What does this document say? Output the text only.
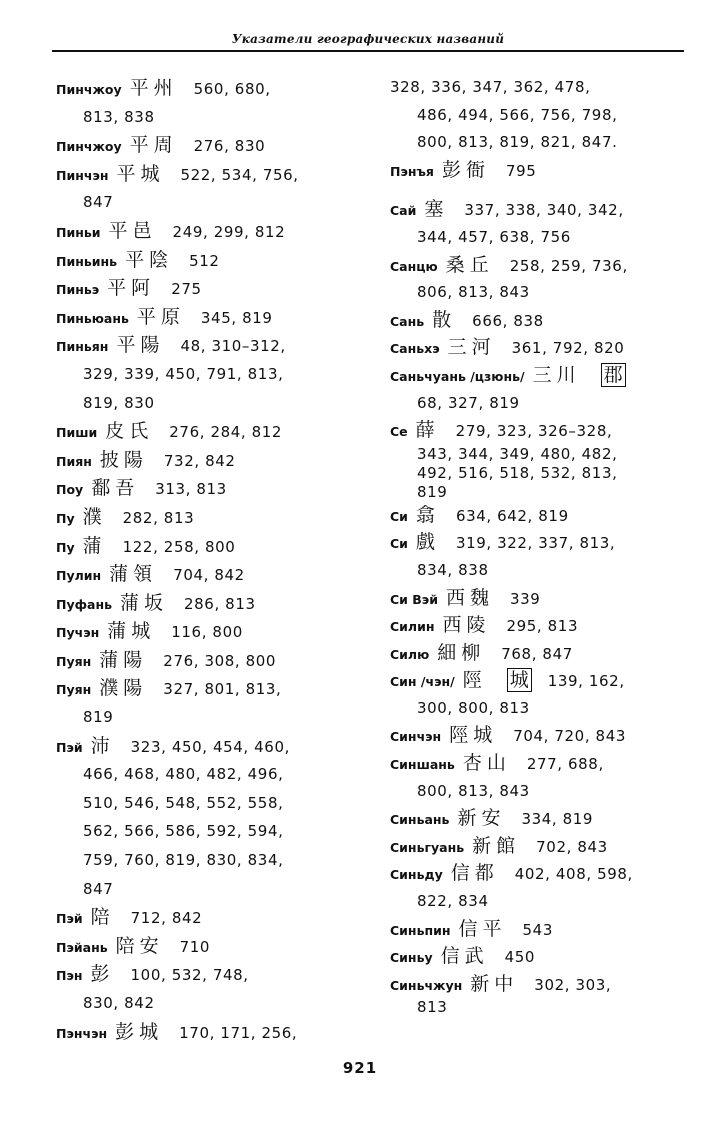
Указатели географических названий
Пинчжоу 平州 560, 680,
813, 838
Пинчжоу 平周 276, 830
Пинчэн 平城 522, 534, 756,
847
Пиньи 平邑 249, 299, 812
Пиньинь 平陰 512
Пиньэ 平阿 275
Пиньюань 平原 345, 819
Пиньян 平陽 48, 310–312,
329, 339, 450, 791, 813,
819, 830
Пиши 皮氏 276, 284, 812
Пиян 披陽 732, 842
Поу 鄱吾 313, 813
Пу 濮 282, 813
Пу 蒲 122, 258, 800
Пулин 蒲領 704, 842
Пуфань 蒲坂 286, 813
Пучэн 蒲城 116, 800
Пуян 蒲陽 276, 308, 800
Пуян 濮陽 327, 801, 813,
819
Пэй 沛 323, 450, 454, 460,
466, 468, 480, 482, 496,
510, 546, 548, 552, 558,
562, 566, 586, 592, 594,
759, 760, 819, 830, 834,
847
Пэй 陪 712, 842
Пэйань 陪安 710
Пэн 彭 100, 532, 748,
830, 842
Пэнчэн 彭城 170, 171, 256,
328, 336, 347, 362, 478,
486, 494, 566, 756, 798,
800, 813, 819, 821, 847.
Пэнъя 彭衙 795
Сай 塞 337, 338, 340, 342,
344, 457, 638, 756
Санцю 桑丘 258, 259, 736,
806, 813, 843
Сань 散 666, 838
Саньхэ 三河 361, 792, 820
Саньчуань /цзюнь/ 三川 郡
68, 327, 819
Се 薛 279, 323, 326–328,
343, 344, 349, 480, 482,
492, 516, 518, 532, 813,
819
Си 翕 634, 642, 819
Си 戲 319, 322, 337, 813,
834, 838
Си Вэй 西魏 339
Силин 西陵 295, 813
Силю 細柳 768, 847
Син /чэн/ 陘 城 139, 162,
300, 800, 813
Синчэн 陘城 704, 720, 843
Синшань 杏山 277, 688,
800, 813, 843
Синьань 新安 334, 819
Синьгуань 新館 702, 843
Синьду 信都 402, 408, 598,
822, 834
Синьпин 信平 543
Синьу 信武 450
Синьчжун 新中 302, 303,
813
921
